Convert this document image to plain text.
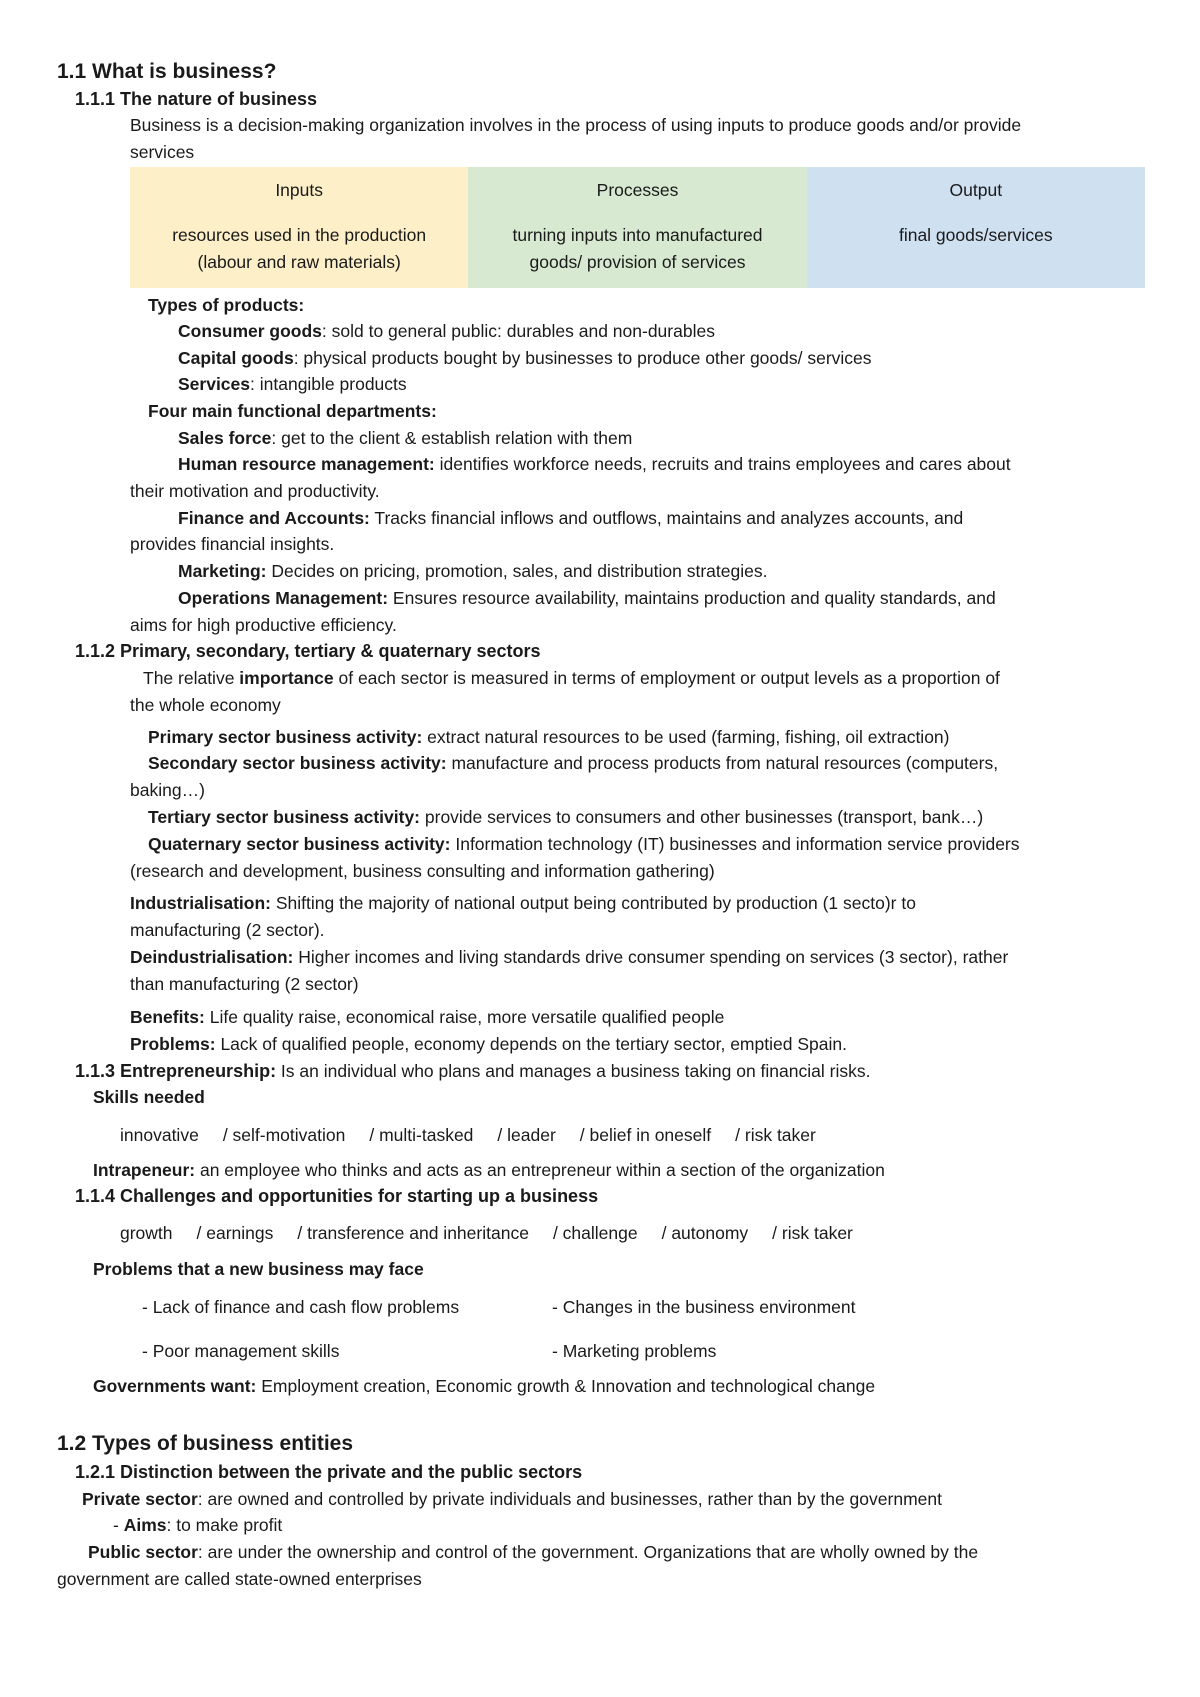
1.1 What is business?
1.1.1 The nature of business
Business is a decision-making organization involves in the process of using inputs to produce goods and/or provide
services
Inputs
resources used in the production
(labour and raw materials)
Processes
turning inputs into manufactured
goods/ provision of services
Output
final goods/services
Types of products:
Consumer goods: sold to general public: durables and non-durables
Capital goods: physical products bought by businesses to produce other goods/ services
Services: intangible products
Four main functional departments:
Sales force: get to the client & establish relation with them
Human resource management: identifies workforce needs, recruits and trains employees and cares about
their motivation and productivity.
Finance and Accounts: Tracks financial inflows and outflows, maintains and analyzes accounts, and
provides financial insights.
Marketing: Decides on pricing, promotion, sales, and distribution strategies.
Operations Management: Ensures resource availability, maintains production and quality standards, and
aims for high productive efficiency.
1.1.2 Primary, secondary, tertiary & quaternary sectors
The relative importance of each sector is measured in terms of employment or output levels as a proportion of
the whole economy
Primary sector business activity: extract natural resources to be used (farming, fishing, oil extraction)
Secondary sector business activity: manufacture and process products from natural resources (computers,
baking…)
Tertiary sector business activity: provide services to consumers and other businesses (transport, bank…)
Quaternary sector business activity: Information technology (IT) businesses and information service providers
(research and development, business consulting and information gathering)
Industrialisation: Shifting the majority of national output being contributed by production (1 secto)r to
manufacturing (2 sector).
Deindustrialisation: Higher incomes and living standards drive consumer spending on services (3 sector), rather
than manufacturing (2 sector)
Benefits: Life quality raise, economical raise, more versatile qualified people
Problems: Lack of qualified people, economy depends on the tertiary sector, emptied Spain.
1.1.3 Entrepreneurship: Is an individual who plans and manages a business taking on financial risks.
Skills needed
innovative / self-motivation / multi-tasked / leader / belief in oneself / risk taker
Intrapeneur: an employee who thinks and acts as an entrepreneur within a section of the organization
1.1.4 Challenges and opportunities for starting up a business
growth / earnings / transference and inheritance / challenge / autonomy / risk taker
Problems that a new business may face
- Lack of finance and cash flow problems	- Changes in the business environment
- Poor management skills	- Marketing problems
Governments want: Employment creation, Economic growth & Innovation and technological change
1.2 Types of business entities
1.2.1 Distinction between the private and the public sectors
Private sector: are owned and controlled by private individuals and businesses, rather than by the government
- Aims: to make profit
Public sector: are under the ownership and control of the government. Organizations that are wholly owned by the
government are called state-owned enterprises
